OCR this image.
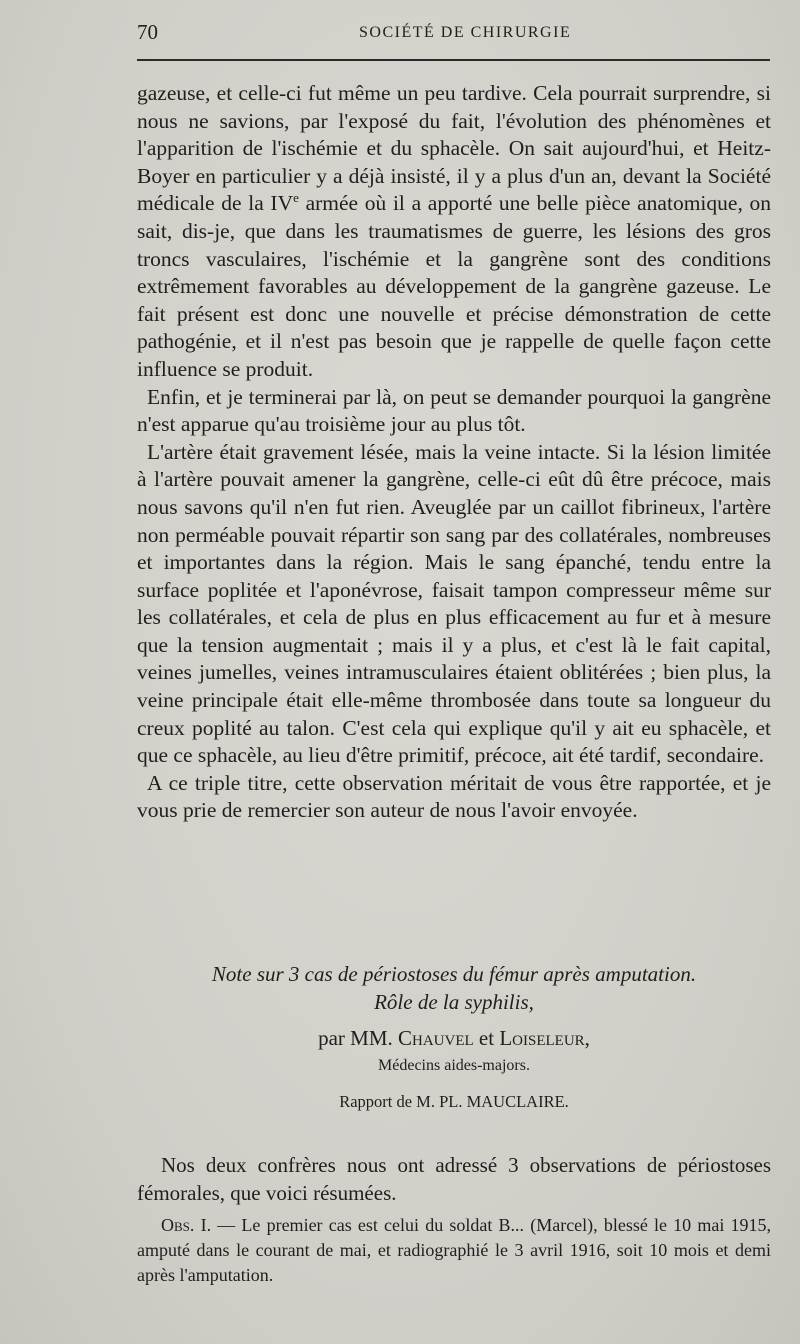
70	SOCIÉTÉ DE CHIRURGIE

gazeuse, et celle-ci fut même un peu tardive. Cela pourrait surprendre, si nous ne savions, par l'exposé du fait, l'évolution des phénomènes et l'apparition de l'ischémie et du sphacèle. On sait aujourd'hui, et Heitz-Boyer en particulier y a déjà insisté, il y a plus d'un an, devant la Société médicale de la IVe armée où il a apporté une belle pièce anatomique, on sait, dis-je, que dans les traumatismes de guerre, les lésions des gros troncs vasculaires, l'ischémie et la gangrène sont des conditions extrêmement favorables au développement de la gangrène gazeuse. Le fait présent est donc une nouvelle et précise démonstration de cette pathogénie, et il n'est pas besoin que je rappelle de quelle façon cette influence se produit.

Enfin, et je terminerai par là, on peut se demander pourquoi la gangrène n'est apparue qu'au troisième jour au plus tôt.

L'artère était gravement lésée, mais la veine intacte. Si la lésion limitée à l'artère pouvait amener la gangrène, celle-ci eût dû être précoce, mais nous savons qu'il n'en fut rien. Aveuglée par un caillot fibrineux, l'artère non perméable pouvait répartir son sang par des collatérales, nombreuses et importantes dans la région. Mais le sang épanché, tendu entre la surface poplitée et l'aponévrose, faisait tampon compresseur même sur les collatérales, et cela de plus en plus efficacement au fur et à mesure que la tension augmentait ; mais il y a plus, et c'est là le fait capital, veines jumelles, veines intramusculaires étaient oblitérées ; bien plus, la veine principale était elle-même thrombosée dans toute sa longueur du creux poplité au talon. C'est cela qui explique qu'il y ait eu sphacèle, et que ce sphacèle, au lieu d'être primitif, précoce, ait été tardif, secondaire.

A ce triple titre, cette observation méritait de vous être rapportée, et je vous prie de remercier son auteur de nous l'avoir envoyée.

Note sur 3 cas de périostoses du fémur après amputation.
Rôle de la syphilis,
par MM. Chauvel et Loiseleur,
Médecins aides-majors.
Rapport de M. PL. MAUCLAIRE.

Nos deux confrères nous ont adressé 3 observations de périostoses fémorales, que voici résumées.

Obs. I. — Le premier cas est celui du soldat B... (Marcel), blessé le 10 mai 1915, amputé dans le courant de mai, et radiographié le 3 avril 1916, soit 10 mois et demi après l'amputation.
